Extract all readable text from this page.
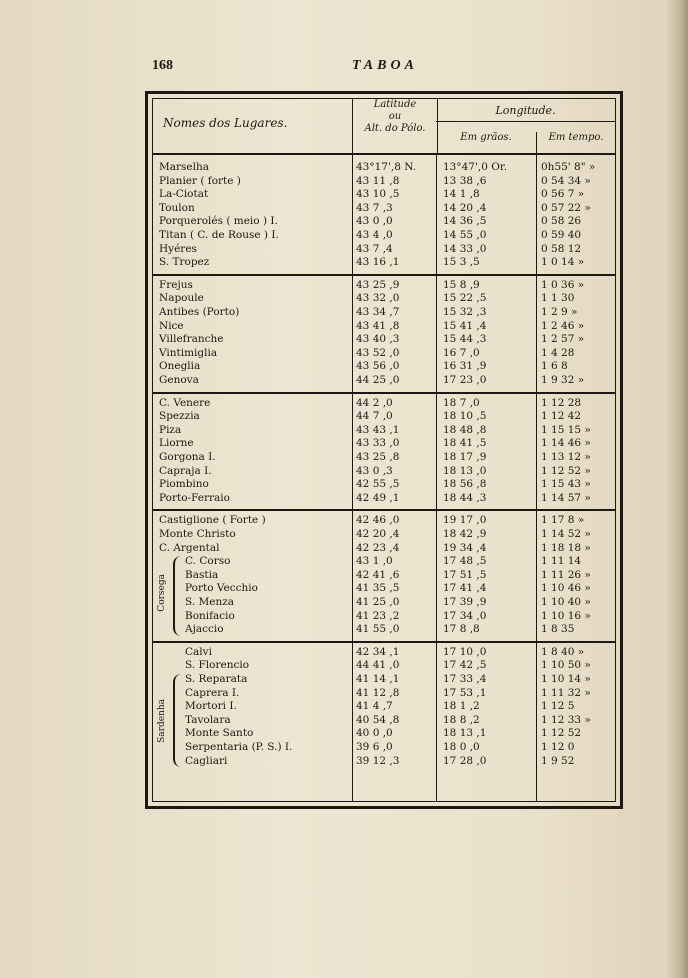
168	TABOA
Nomes dos Lugares.
Latitude
ou
Alt. do Pólo.
Longitude.
Em grãos.	Em tempo.
Marselha	43°17',8 N.	13°47',0 Or.	0h55' 8" »
Planier ( forte )	43 11 ,8	13 38 ,6	0 54 34 »
La-Ciotat	43 10 ,5	14 1 ,8	0 56 7 »
Toulon	43 7 ,3	14 20 ,4	0 57 22 »
Porquerolés ( meio ) I.	43 0 ,0	14 36 ,5	0 58 26
Titan ( C. de Rouse ) I.	43 4 ,0	14 55 ,0	0 59 40
Hyéres	43 7 ,4	14 33 ,0	0 58 12
S. Tropez	43 16 ,1	15 3 ,5	1 0 14 »
Frejus	43 25 ,9	15 8 ,9	1 0 36 »
Napoule	43 32 ,0	15 22 ,5	1 1 30
Antibes (Porto)	43 34 ,7	15 32 ,3	1 2 9 »
Nice	43 41 ,8	15 41 ,4	1 2 46 »
Villefranche	43 40 ,3	15 44 ,3	1 2 57 »
Vintimiglia	43 52 ,0	16 7 ,0	1 4 28
Oneglia	43 56 ,0	16 31 ,9	1 6 8
Genova	44 25 ,0	17 23 ,0	1 9 32 »
C. Venere	44 2 ,0	18 7 ,0	1 12 28
Spezzia	44 7 ,0	18 10 ,5	1 12 42
Piza	43 43 ,1	18 48 ,8	1 15 15 »
Liorne	43 33 ,0	18 41 ,5	1 14 46 »
Gorgona I.	43 25 ,8	18 17 ,9	1 13 12 »
Capraja I.	43 0 ,3	18 13 ,0	1 12 52 »
Piombino	42 55 ,5	18 56 ,8	1 15 43 »
Porto-Ferraio	42 49 ,1	18 44 ,3	1 14 57 »
Castiglione ( Forte )	42 46 ,0	19 17 ,0	1 17 8 »
Monte Christo	42 20 ,4	18 42 ,9	1 14 52 »
C. Argental	42 23 ,4	19 34 ,4	1 18 18 »
C. Corso	43 1 ,0	17 48 ,5	1 11 14
Bastia	42 41 ,6	17 51 ,5	1 11 26 »
Porto Vecchio	41 35 ,5	17 41 ,4	1 10 46 »
S. Menza	41 25 ,0	17 39 ,9	1 10 40 »
Bonifacio	41 23 ,2	17 34 ,0	1 10 16 »
Ajaccio	41 55 ,0	17 8 ,8	1 8 35
Corsega
Calvi	42 34 ,1	17 10 ,0	1 8 40 »
S. Florencio	44 41 ,0	17 42 ,5	1 10 50 »
S. Reparata	41 14 ,1	17 33 ,4	1 10 14 »
Caprera I.	41 12 ,8	17 53 ,1	1 11 32 »
Mortori I.	41 4 ,7	18 1 ,2	1 12 5
Tavolara	40 54 ,8	18 8 ,2	1 12 33 »
Monte Santo	40 0 ,0	18 13 ,1	1 12 52
Serpentaria (P. S.) I.	39 6 ,0	18 0 ,0	1 12 0
Cagliari	39 12 ,3	17 28 ,0	1 9 52
Sardenha
